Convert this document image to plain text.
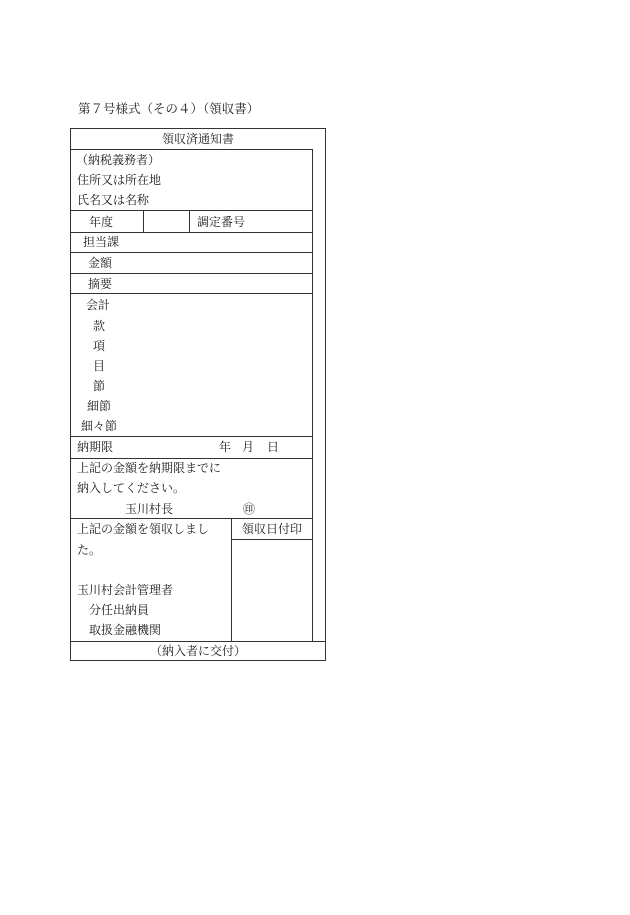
第７号様式（その４）（領収書）
領収済通知書
（納税義務者）
住所又は所在地
氏名又は名称
年度	調定番号
担当課
金額
摘要
会計
款
項
目
節
細節
細々節
納期限	年 月 日
上記の金額を納期限までに
納入してください。
玉川村長	㊞
上記の金額を領収しまし
た。
領収日付印
玉川村会計管理者
分任出納員
取扱金融機関
（納入者に交付）
